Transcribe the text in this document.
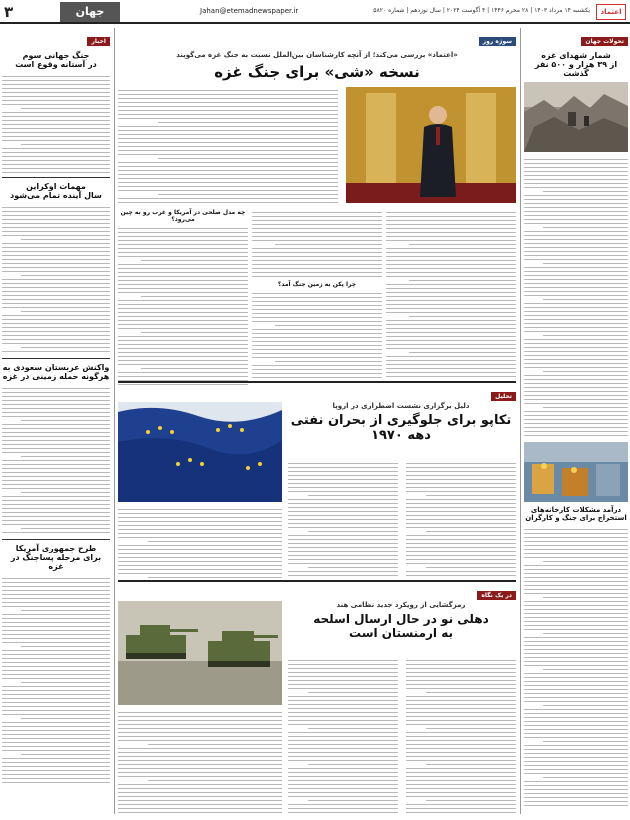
اعتماد
یکشنبه ۱۴ مرداد ۱۴۰۳ | ۲۸ محرم ۱۴۴۶ | ۴ آگوست ۲۰۲۴ | سال نوزدهم | شماره ۵۸۲۰
Jahan@etemadnewspaper.ir
جهان
۳
تحولات جهان
شمار شهدای غزه
از ۳۹ هزار و ۵۰۰ نفر گذشت
درآمد مشکلات کارخانه‌های
استخراج برای جنگ و کارگران
سوژه روز
«اعتماد» بررسی می‌کند؛ از آنچه کارشناسان بین‌الملل نسبت به جنگ غزه می‌گویند
نسخه «شی» برای جنگ غزه
چرا پکن به زمین جنگ آمد؟
چه مدل صلحی در آمریکا و غرب رو به چین می‌رود؟
تحلیل
دلیل برگزاری نشست اضطراری در اروپا
تکاپو برای جلوگیری از بحران نفتی
دهه ۱۹۷۰
در یک نگاه
رمزگشایی از رویکرد جدید نظامی هند
دهلی نو در حال ارسال اسلحه
به ارمنستان است
اخبار
جنگ جهانی سوم
در آستانه وقوع است
مهمات اوکراین
سال آینده تمام می‌شود
واکنش عربستان سعودی به
هرگونه حمله زمینی در غزه
طرح جمهوری آمریکا
برای مرحله پساجنگ در غزه
